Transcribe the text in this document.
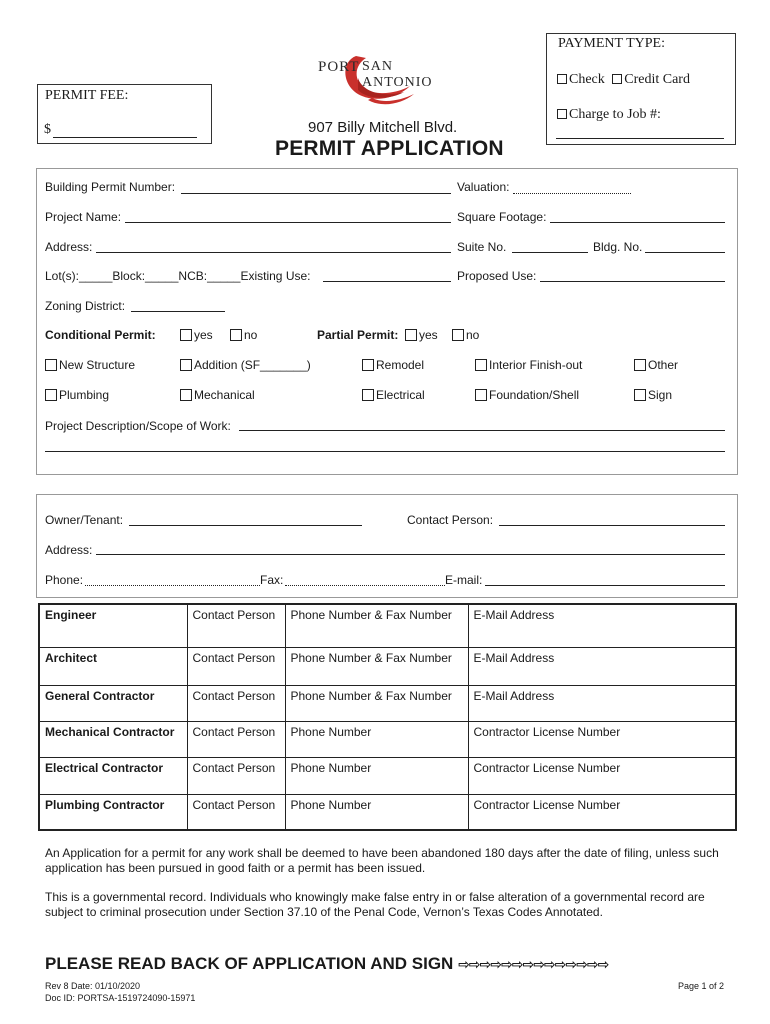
PAYMENT TYPE:
Check Credit Card
Charge to Job #:
PERMIT FEE:
$
PORT SAN ANTONIO
907 Billy Mitchell Blvd.
PERMIT APPLICATION
Building Permit Number:	Valuation:
Project Name:	Square Footage:
Address:	Suite No.	Bldg. No.
Lot(s):_____Block:_____NCB:_____Existing Use:	Proposed Use:
Zoning District:
Conditional Permit:	yes	no	Partial Permit:	yes	no
New Structure	Addition (SF_______)	Remodel	Interior Finish-out	Other
Plumbing	Mechanical	Electrical	Foundation/Shell	Sign
Project Description/Scope of Work:
Owner/Tenant:	Contact Person:
Address:
Phone:	Fax:	E-mail:
Engineer	Contact Person	Phone Number & Fax Number	E-Mail Address
Architect	Contact Person	Phone Number & Fax Number	E-Mail Address
General Contractor	Contact Person	Phone Number & Fax Number	E-Mail Address
Mechanical Contractor	Contact Person	Phone Number	Contractor License Number
Electrical Contractor	Contact Person	Phone Number	Contractor License Number
Plumbing Contractor	Contact Person	Phone Number	Contractor License Number
An Application for a permit for any work shall be deemed to have been abandoned 180 days after the date of filing, unless such application has been pursued in good faith or a permit has been issued.
This is a governmental record. Individuals who knowingly make false entry in or false alteration of a governmental record are subject to criminal prosecution under Section 37.10 of the Penal Code, Vernon’s Texas Codes Annotated.
PLEASE READ BACK OF APPLICATION AND SIGN ⇨⇨⇨⇨⇨⇨⇨⇨⇨⇨⇨⇨⇨⇨
Rev 8 Date: 01/10/2020
Doc ID: PORTSA-1519724090-15971
Page 1 of 2
